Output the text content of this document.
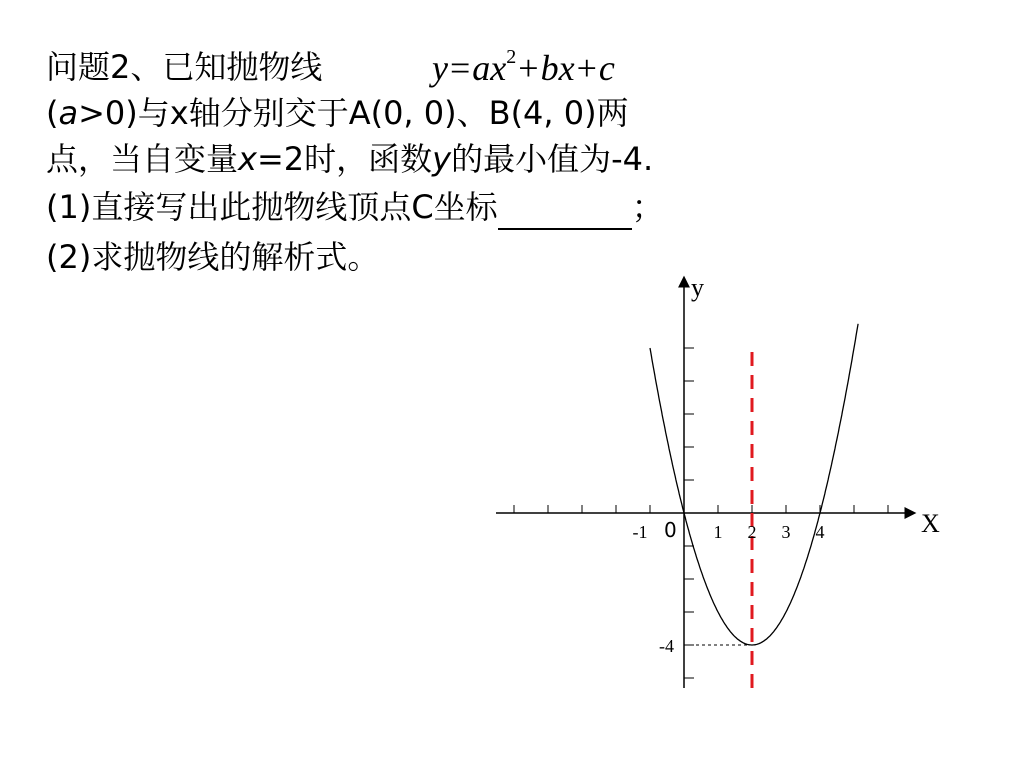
问题2、已知抛物线	$y=ax^2+bx+c$
(a>0)与x轴分别交于A(0, 0)、B(4, 0)两
点，当自变量x=2时，函数y的最小值为-4.
(1)直接写出此抛物线顶点C坐标	；
(2)求抛物线的解析式。
-1	1 2 3 4
-4
y
X
0
